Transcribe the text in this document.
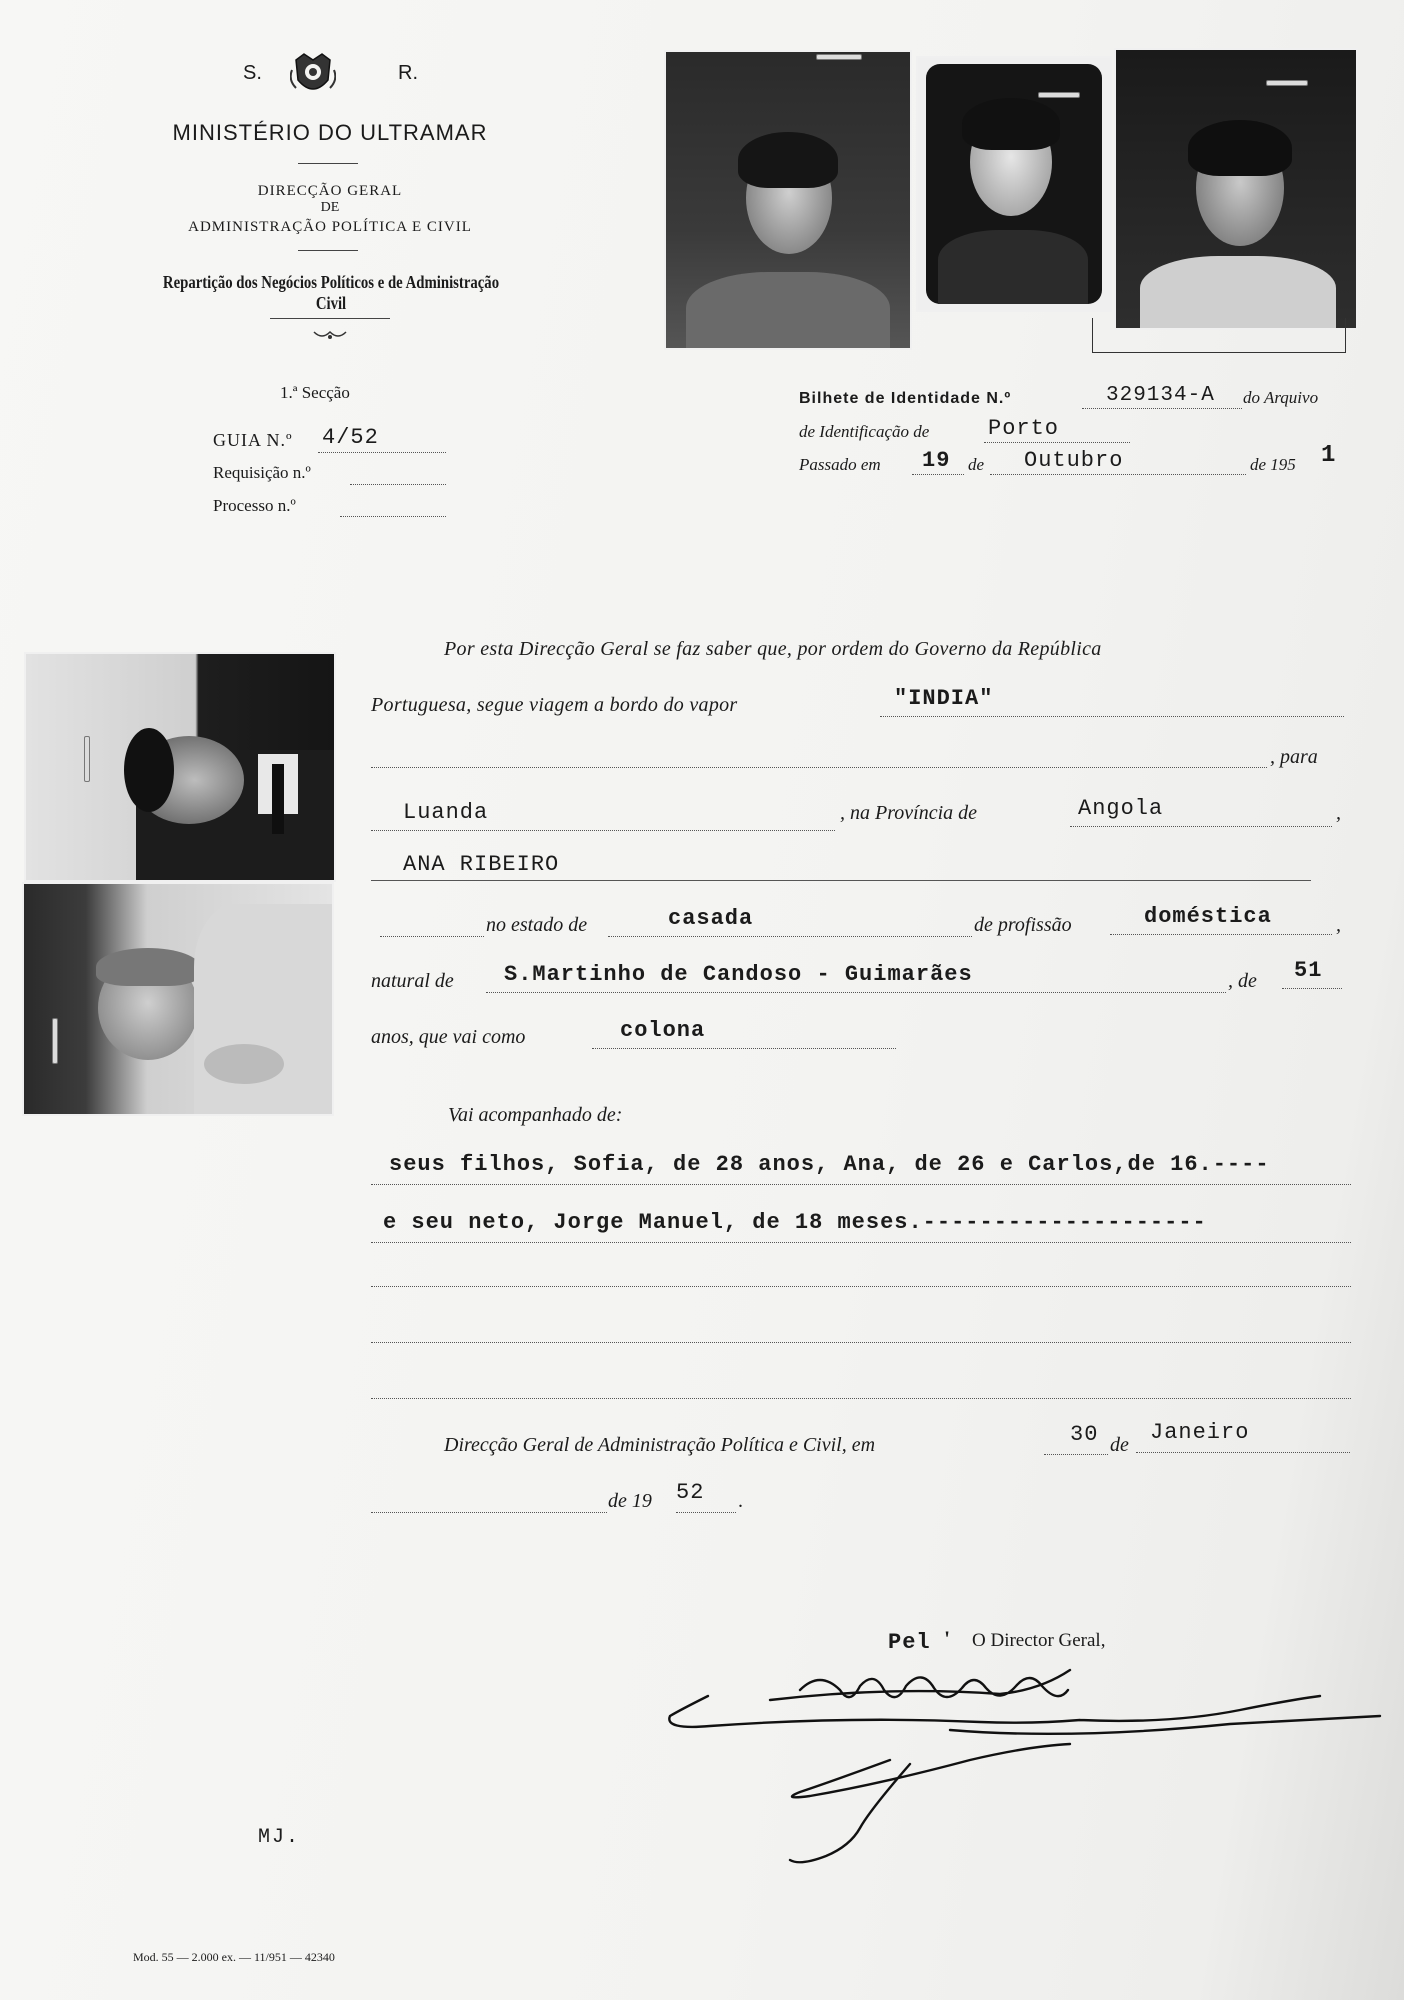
S.	R.
MINISTÉRIO DO ULTRAMAR
DIRECÇÃO GERAL
DE
ADMINISTRAÇÃO POLÍTICA E CIVIL
Repartição dos Negócios Políticos e de Administração Civil
1.ª Secção
GUIA N.º 4/52
Requisição n.º
Processo n.º
Bilhete de Identidade N.º	329134-A do Arquivo
de Identificação de	Porto
Passado em 19 de Outubro	de 195 1
Por esta Direcção Geral se faz saber que, por ordem do Governo da República
Portuguesa, segue viagem a bordo do vapor	"INDIA"
, para
Luanda	, na Província de	Angola	,
ANA RIBEIRO
no estado de	casada	de profissão	doméstica	,
natural de S.Martinho de Candoso - Guimarães	, de 51
anos, que vai como	colona
Vai acompanhado de:
seus filhos, Sofia, de 28 anos, Ana, de 26 e Carlos,de 16.----
e seu neto, Jorge Manuel, de 18 meses.--------------------
Direcção Geral de Administração Política e Civil, em	30 de Janeiro
de 19 52 .
Pel ' O Director Geral,
MJ.
Mod. 55 — 2.000 ex. — 11/951 — 42340
